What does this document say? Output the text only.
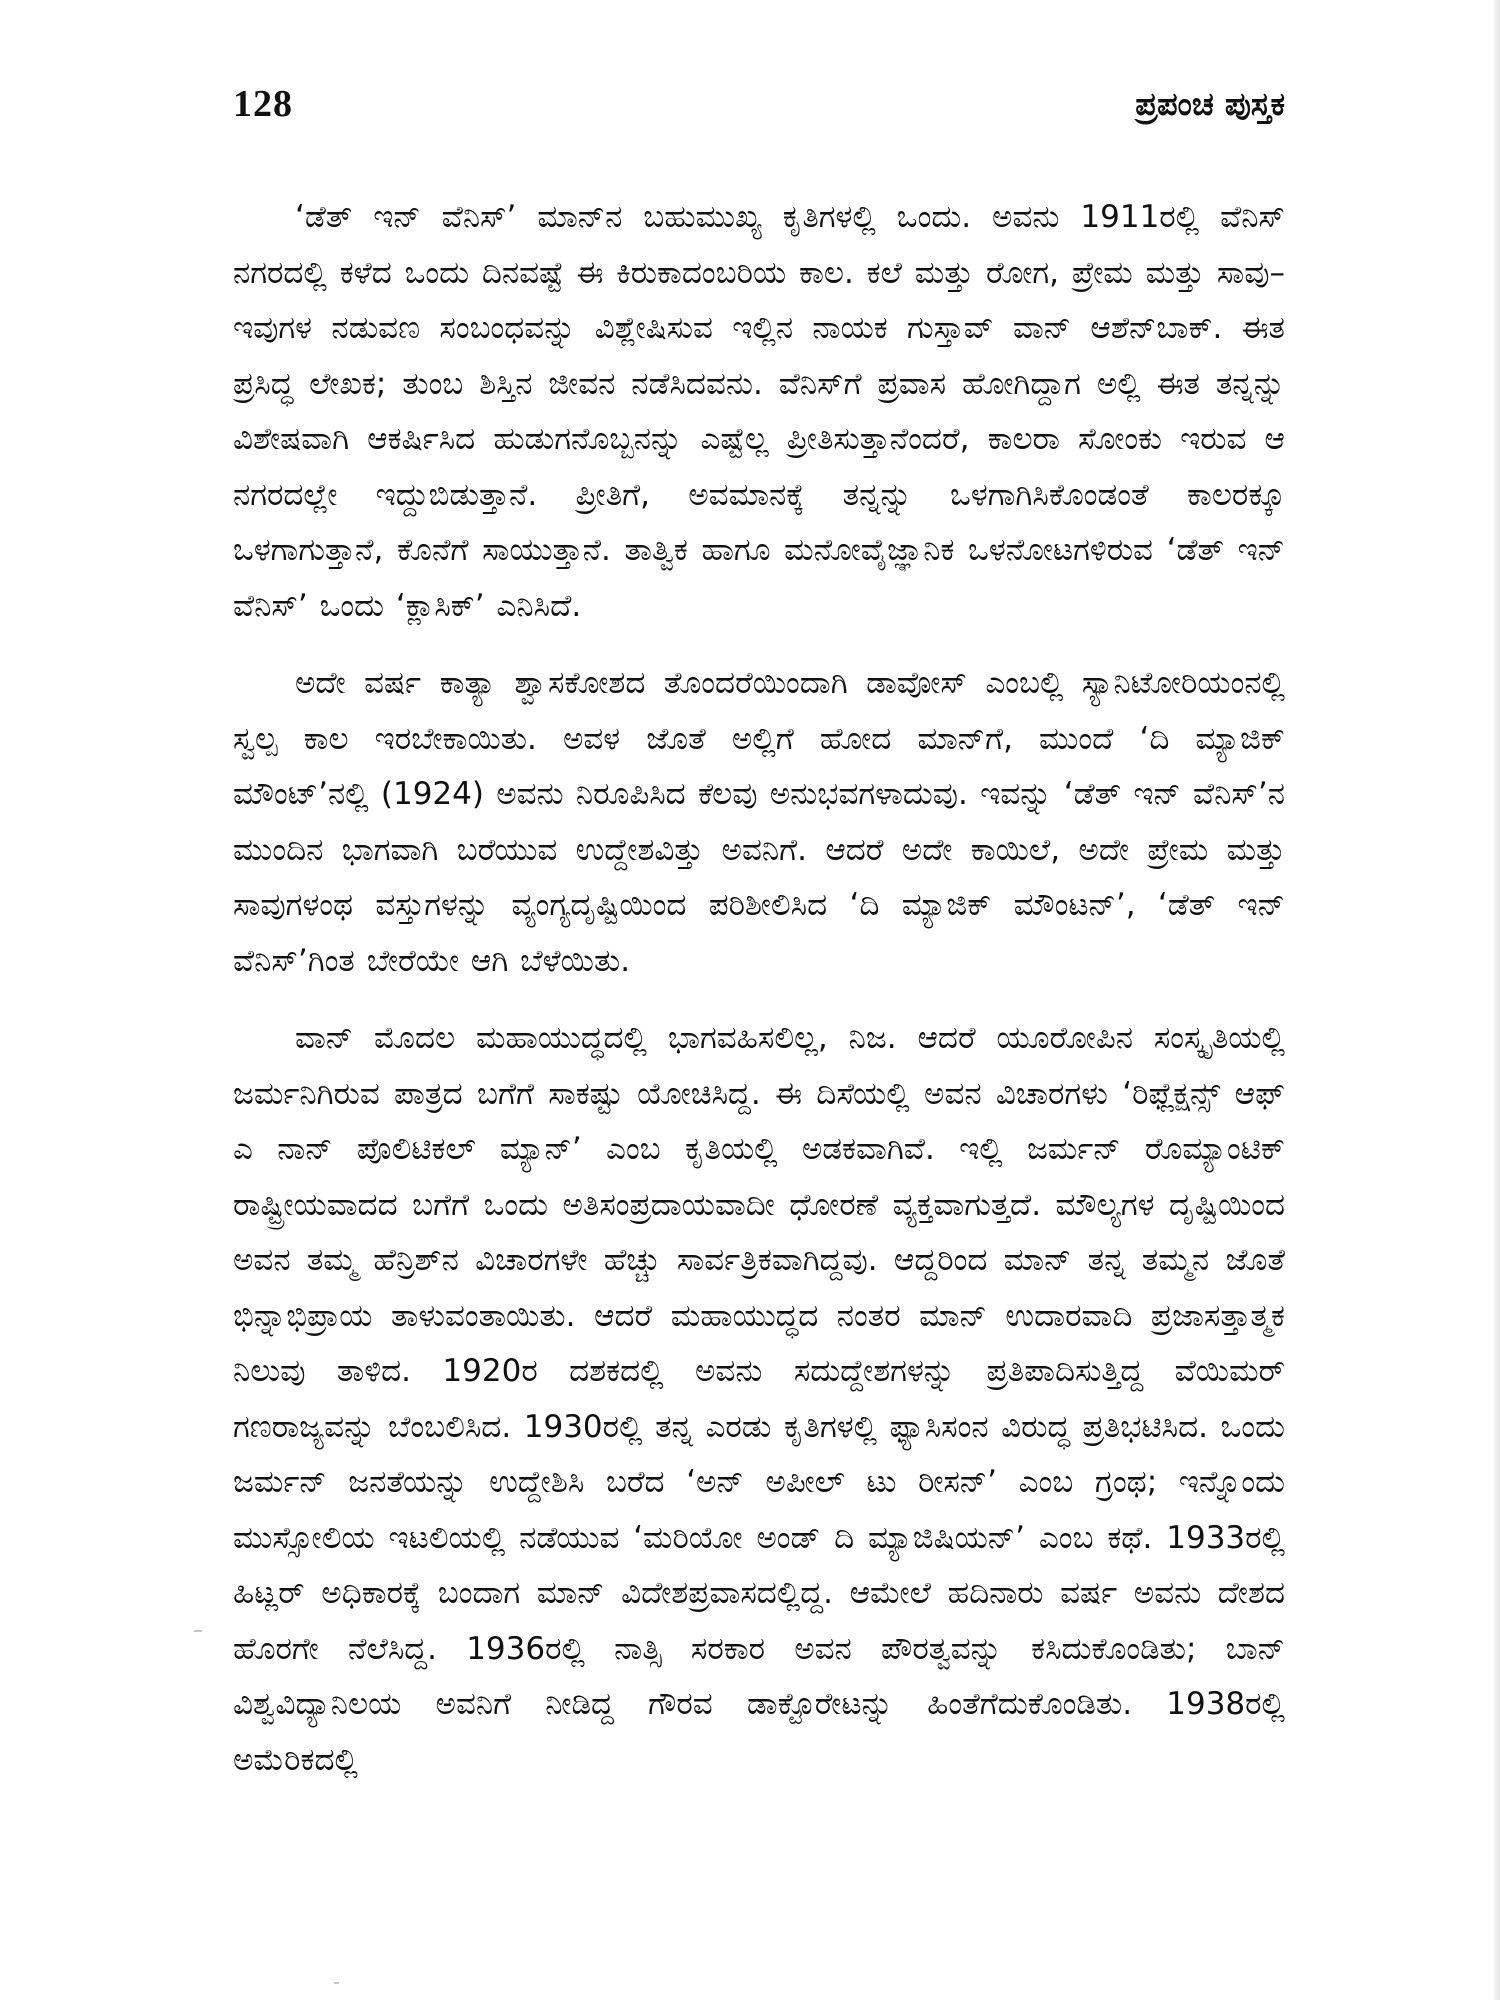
128	ಪ್ರಪಂಚ ಪುಸ್ತಕ

‘ಡೆತ್ ಇನ್ ವೆನಿಸ್’ ಮಾನ್‌ನ ಬಹುಮುಖ್ಯ ಕೃತಿಗಳಲ್ಲಿ ಒಂದು. ಅವನು 1911ರಲ್ಲಿ ವೆನಿಸ್ ನಗರದಲ್ಲಿ ಕಳೆದ ಒಂದು ದಿನವಷ್ಟೆ ಈ ಕಿರುಕಾದಂಬರಿಯ ಕಾಲ. ಕಲೆ ಮತ್ತು ರೋಗ, ಪ್ರೇಮ ಮತ್ತು ಸಾವು– ಇವುಗಳ ನಡುವಣ ಸಂಬಂಧವನ್ನು ವಿಶ್ಲೇಷಿಸುವ ಇಲ್ಲಿನ ನಾಯಕ ಗುಸ್ತಾವ್ ವಾನ್ ಆಶೆನ್‌ಬಾಕ್. ಈತ ಪ್ರಸಿದ್ಧ ಲೇಖಕ; ತುಂಬ ಶಿಸ್ತಿನ ಜೀವನ ನಡೆಸಿದವನು. ವೆನಿಸ್‌ಗೆ ಪ್ರವಾಸ ಹೋಗಿದ್ದಾಗ ಅಲ್ಲಿ ಈತ ತನ್ನನ್ನು ವಿಶೇಷವಾಗಿ ಆಕರ್ಷಿಸಿದ ಹುಡುಗನೊಬ್ಬನನ್ನು ಎಷ್ಟೆಲ್ಲ ಪ್ರೀತಿಸುತ್ತಾನೆಂದರೆ, ಕಾಲರಾ ಸೋಂಕು ಇರುವ ಆ ನಗರದಲ್ಲೇ ಇದ್ದುಬಿಡುತ್ತಾನೆ. ಪ್ರೀತಿಗೆ, ಅವಮಾನಕ್ಕೆ ತನ್ನನ್ನು ಒಳಗಾಗಿಸಿಕೊಂಡಂತೆ ಕಾಲರಕ್ಕೂ ಒಳಗಾಗುತ್ತಾನೆ, ಕೊನೆಗೆ ಸಾಯುತ್ತಾನೆ. ತಾತ್ವಿಕ ಹಾಗೂ ಮನೋವೈಜ್ಞಾನಿಕ ಒಳನೋಟಗಳಿರುವ ‘ಡೆತ್ ಇನ್ ವೆನಿಸ್’ ಒಂದು ‘ಕ್ಲಾಸಿಕ್’ ಎನಿಸಿದೆ.

ಅದೇ ವರ್ಷ ಕಾತ್ಯಾ ಶ್ವಾಸಕೋಶದ ತೊಂದರೆಯಿಂದಾಗಿ ಡಾವೋಸ್ ಎಂಬಲ್ಲಿ ಸ್ಯಾನಿಟೋರಿಯಂನಲ್ಲಿ ಸ್ವಲ್ಪ ಕಾಲ ಇರಬೇಕಾಯಿತು. ಅವಳ ಜೊತೆ ಅಲ್ಲಿಗೆ ಹೋದ ಮಾನ್‌ಗೆ, ಮುಂದೆ ‘ದಿ ಮ್ಯಾಜಿಕ್ ಮೌಂಟ್’ನಲ್ಲಿ (1924) ಅವನು ನಿರೂಪಿಸಿದ ಕೆಲವು ಅನುಭವಗಳಾದುವು. ಇವನ್ನು ‘ಡೆತ್ ಇನ್ ವೆನಿಸ್’ನ ಮುಂದಿನ ಭಾಗವಾಗಿ ಬರೆಯುವ ಉದ್ದೇಶವಿತ್ತು ಅವನಿಗೆ. ಆದರೆ ಅದೇ ಕಾಯಿಲೆ, ಅದೇ ಪ್ರೇಮ ಮತ್ತು ಸಾವುಗಳಂಥ ವಸ್ತುಗಳನ್ನು ವ್ಯಂಗ್ಯದೃಷ್ಟಿಯಿಂದ ಪರಿಶೀಲಿಸಿದ ‘ದಿ ಮ್ಯಾಜಿಕ್ ಮೌಂಟನ್’, ‘ಡೆತ್ ಇನ್ ವೆನಿಸ್’ಗಿಂತ ಬೇರೆಯೇ ಆಗಿ ಬೆಳೆಯಿತು.

ವಾನ್ ಮೊದಲ ಮಹಾಯುದ್ಧದಲ್ಲಿ ಭಾಗವಹಿಸಲಿಲ್ಲ, ನಿಜ. ಆದರೆ ಯೂರೋಪಿನ ಸಂಸ್ಕೃತಿಯಲ್ಲಿ ಜರ್ಮನಿಗಿರುವ ಪಾತ್ರದ ಬಗೆಗೆ ಸಾಕಷ್ಟು ಯೋಚಿಸಿದ್ದ. ಈ ದಿಸೆಯಲ್ಲಿ ಅವನ ವಿಚಾರಗಳು ‘ರಿಫ್ಲೆಕ್ಷನ್ಸ್ ಆಫ್ ಎ ನಾನ್ ಪೊಲಿಟಿಕಲ್ ಮ್ಯಾನ್’ ಎಂಬ ಕೃತಿಯಲ್ಲಿ ಅಡಕವಾಗಿವೆ. ಇಲ್ಲಿ ಜರ್ಮನ್ ರೊಮ್ಯಾಂಟಿಕ್ ರಾಷ್ಟ್ರೀಯವಾದದ ಬಗೆಗೆ ಒಂದು ಅತಿಸಂಪ್ರದಾಯವಾದೀ ಧೋರಣೆ ವ್ಯಕ್ತವಾಗುತ್ತದೆ. ಮೌಲ್ಯಗಳ ದೃಷ್ಟಿಯಿಂದ ಅವನ ತಮ್ಮ ಹೆನ್ರಿಶ್‌ನ ವಿಚಾರಗಳೇ ಹೆಚ್ಚು ಸಾರ್ವತ್ರಿಕವಾಗಿದ್ದವು. ಆದ್ದರಿಂದ ಮಾನ್ ತನ್ನ ತಮ್ಮನ ಜೊತೆ ಭಿನ್ನಾಭಿಪ್ರಾಯ ತಾಳುವಂತಾಯಿತು. ಆದರೆ ಮಹಾಯುದ್ಧದ ನಂತರ ಮಾನ್ ಉದಾರವಾದಿ ಪ್ರಜಾಸತ್ತಾತ್ಮಕ ನಿಲುವು ತಾಳಿದ. 1920ರ ದಶಕದಲ್ಲಿ ಅವನು ಸದುದ್ದೇಶಗಳನ್ನು ಪ್ರತಿಪಾದಿಸುತ್ತಿದ್ದ ವೆಯಿಮರ್ ಗಣರಾಜ್ಯವನ್ನು ಬೆಂಬಲಿಸಿದ. 1930ರಲ್ಲಿ ತನ್ನ ಎರಡು ಕೃತಿಗಳಲ್ಲಿ ಫ್ಯಾಸಿಸಂನ ವಿರುದ್ಧ ಪ್ರತಿಭಟಿಸಿದ. ಒಂದು ಜರ್ಮನ್ ಜನತೆಯನ್ನು ಉದ್ದೇಶಿಸಿ ಬರೆದ ‘ಅನ್ ಅಪೀಲ್ ಟು ರೀಸನ್’ ಎಂಬ ಗ್ರಂಥ; ಇನ್ನೊಂದು ಮುಸ್ಸೋಲಿಯ ಇಟಲಿಯಲ್ಲಿ ನಡೆಯುವ ‘ಮರಿಯೋ ಅಂಡ್ ದಿ ಮ್ಯಾಜಿಷಿಯನ್’ ಎಂಬ ಕಥೆ. 1933ರಲ್ಲಿ ಹಿಟ್ಲರ್ ಅಧಿಕಾರಕ್ಕೆ ಬಂದಾಗ ಮಾನ್ ವಿದೇಶಪ್ರವಾಸದಲ್ಲಿದ್ದ. ಆಮೇಲೆ ಹದಿನಾರು ವರ್ಷ ಅವನು ದೇಶದ ಹೊರಗೇ ನೆಲೆಸಿದ್ದ. 1936ರಲ್ಲಿ ನಾತ್ಸಿ ಸರಕಾರ ಅವನ ಪೌರತ್ವವನ್ನು ಕಸಿದುಕೊಂಡಿತು; ಬಾನ್ ವಿಶ್ವವಿದ್ಯಾನಿಲಯ ಅವನಿಗೆ ನೀಡಿದ್ದ ಗೌರವ ಡಾಕ್ಟೊರೇಟನ್ನು ಹಿಂತೆಗೆದುಕೊಂಡಿತು. 1938ರಲ್ಲಿ ಅಮೆರಿಕದಲ್ಲಿ
